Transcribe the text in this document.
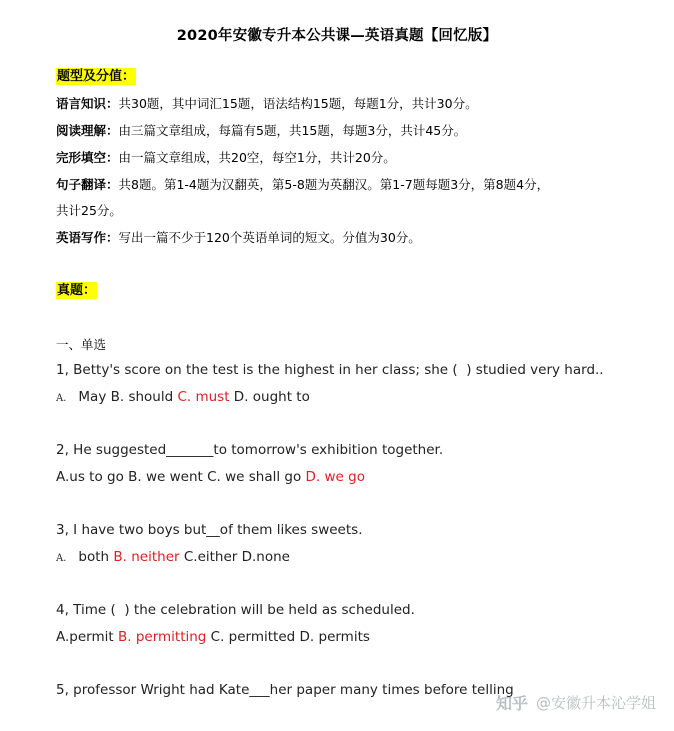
2020年安徽专升本公共课—英语真题【回忆版】
题型及分值：
语言知识：共30题，其中词汇15题，语法结构15题，每题1分，共计30分。
阅读理解：由三篇文章组成，每篇有5题，共15题，每题3分，共计45分。
完形填空：由一篇文章组成，共20空，每空1分，共计20分。
句子翻译：共8题。第1-4题为汉翻英，第5-8题为英翻汉。第1-7题每题3分，第8题4分，
共计25分。
英语写作：写出一篇不少于120个英语单词的短文。分值为30分。
真题：
一、单选
1, Betty's score on the test is the highest in her class; she (  ) studied very hard..
A. May B. should C. must D. ought to
2, He suggested_______to tomorrow's exhibition together.
A.us to go B. we went C. we shall go D. we go
3, I have two boys but__of them likes sweets.
A. both B. neither C.either D.none
4, Time (  ) the celebration will be held as scheduled.
A.permit B. permitting C. permitted D. permits
5, professor Wright had Kate___her paper many times before telling
知乎 @安徽升本沁学姐
